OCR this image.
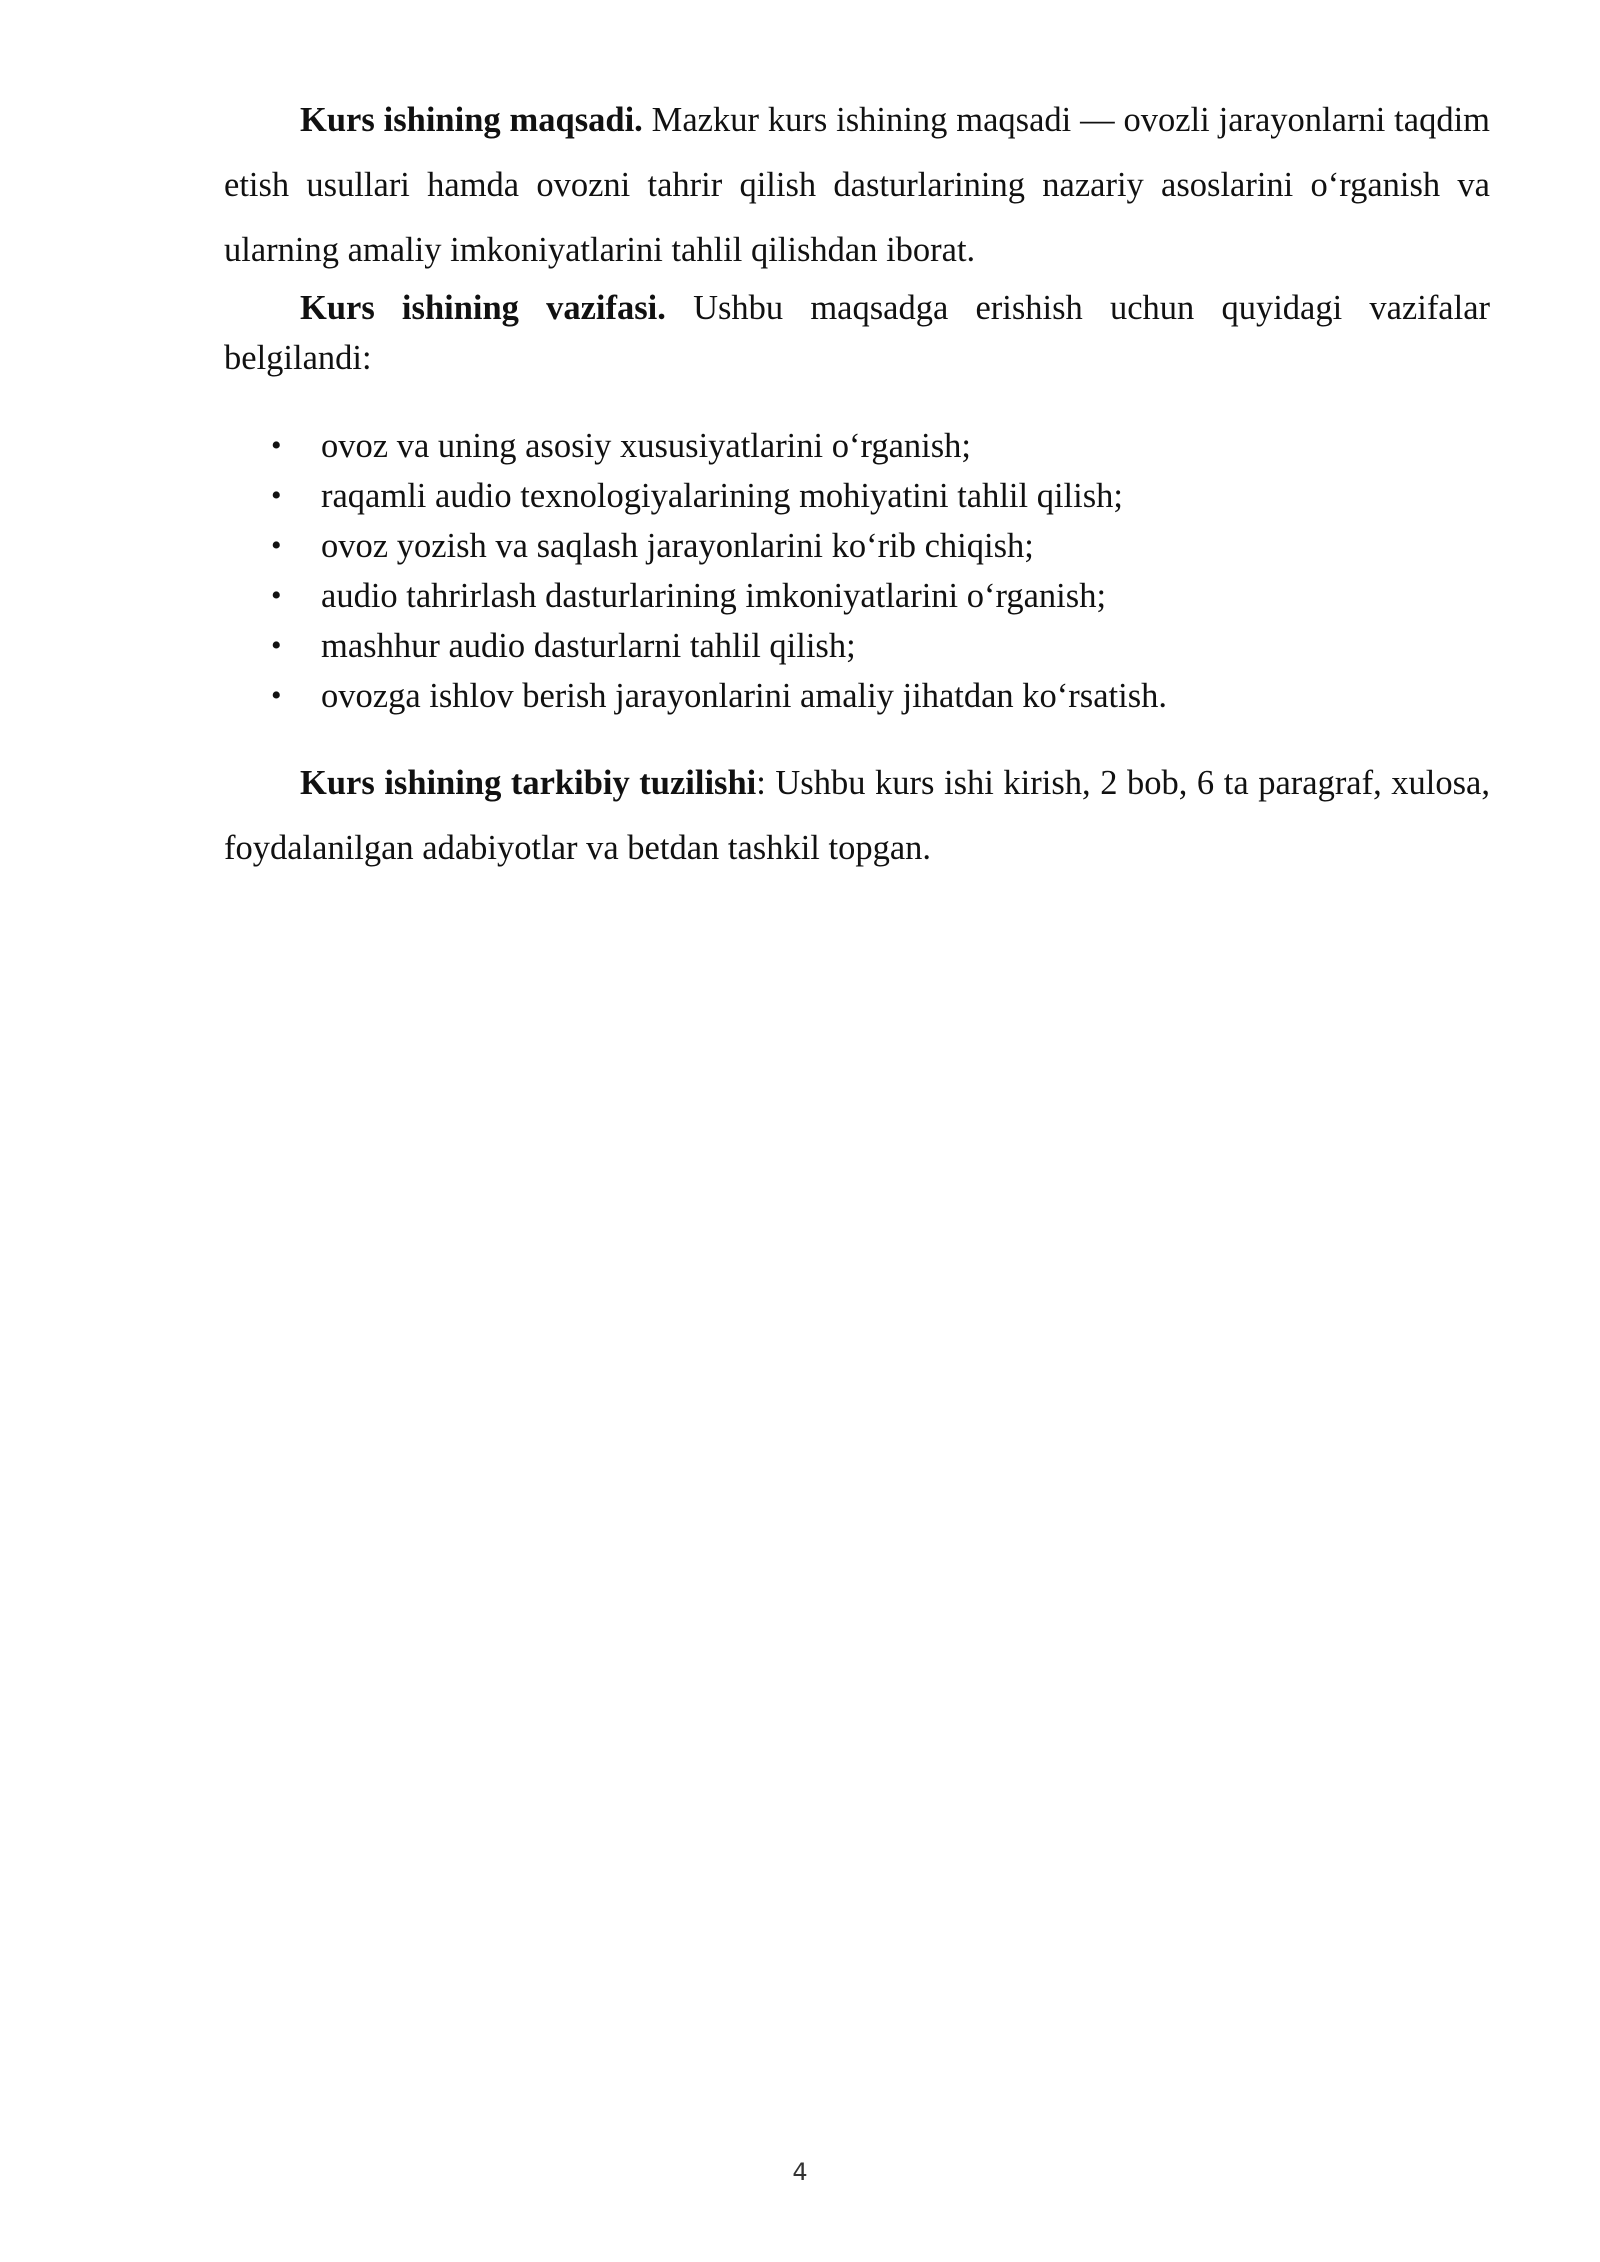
Kurs ishining maqsadi. Mazkur kurs ishining maqsadi — ovozli jarayonlarni taqdim etish usullari hamda ovozni tahrir qilish dasturlarining nazariy asoslarini o‘rganish va ularning amaliy imkoniyatlarini tahlil qilishdan iborat.

Kurs ishining vazifasi. Ushbu maqsadga erishish uchun quyidagi vazifalar belgilandi:

• ovoz va uning asosiy xususiyatlarini o‘rganish;
• raqamli audio texnologiyalarining mohiyatini tahlil qilish;
• ovoz yozish va saqlash jarayonlarini ko‘rib chiqish;
• audio tahrirlash dasturlarining imkoniyatlarini o‘rganish;
• mashhur audio dasturlarni tahlil qilish;
• ovozga ishlov berish jarayonlarini amaliy jihatdan ko‘rsatish.

Kurs ishining tarkibiy tuzilishi: Ushbu kurs ishi kirish, 2 bob, 6 ta paragraf, xulosa, foydalanilgan adabiyotlar va betdan tashkil topgan.

4
